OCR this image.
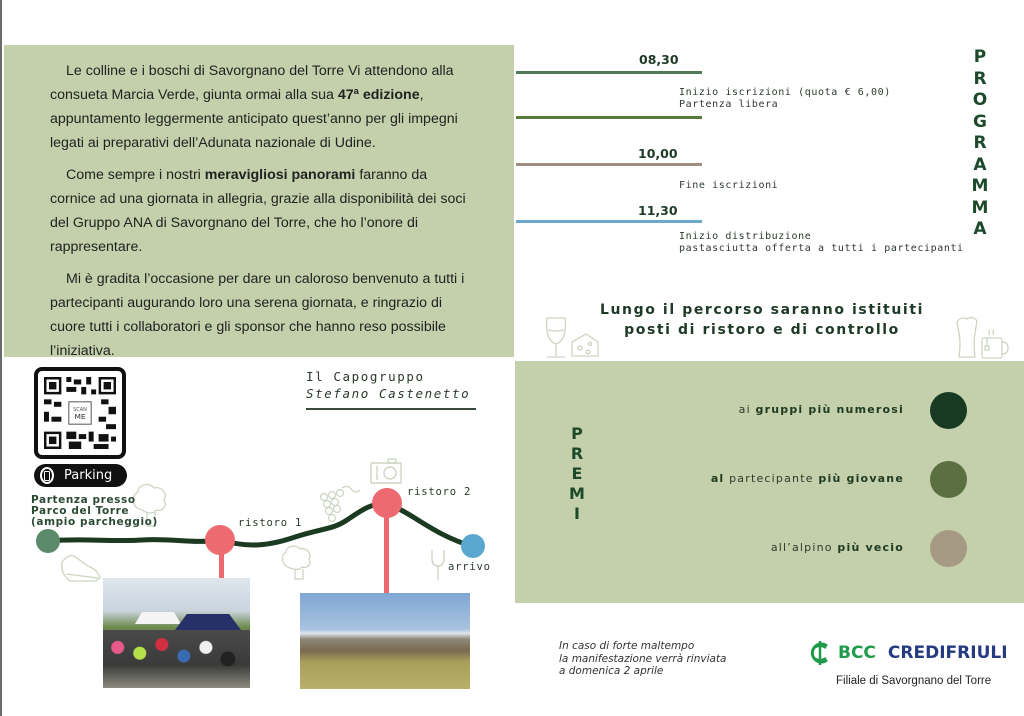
Le colline e i boschi di Savorgnano del Torre Vi attendono alla consueta Marcia Verde, giunta ormai alla sua 47ª edizione, appuntamento leggermente anticipato quest’anno per gli impegni legati ai preparativi dell’Adunata nazionale di Udine.

Come sempre i nostri meravigliosi panorami faranno da cornice ad una giornata in allegria, grazie alla disponibilità dei soci del Gruppo ANA di Savorgnano del Torre, che ho l’onore di rappresentare.

Mi è gradita l’occasione per dare un caloroso benvenuto a tutti i partecipanti augurando loro una serena giornata, e ringrazio di cuore tutti i collaboratori e gli sponsor che hanno reso possibile l’iniziativa.

08,30
Inizio iscrizioni (quota € 6,00)
Partenza libera
10,00
Fine iscrizioni
11,30
Inizio distribuzione
pastasciutta offerta a tutti i partecipanti
P
R
O
G
R
A
M
M
A
Lungo il percorso saranno istituiti
posti di ristoro e di controllo
Partenza presso
Parco del Torre
(ampio parcheggio)	ristoro 1
ristoro 2
arrivo
SCAN
ME
Parking
Il Capogruppo
Stefano Castenetto
P
R
E
M
I
ai gruppi più numerosi
al partecipante più giovane
all’alpino più vecio
In caso di forte maltempo
la manifestazione verrà rinviata
a domenica 2 aprile
BCC CREDIFRIULI
Filiale di Savorgnano del Torre
